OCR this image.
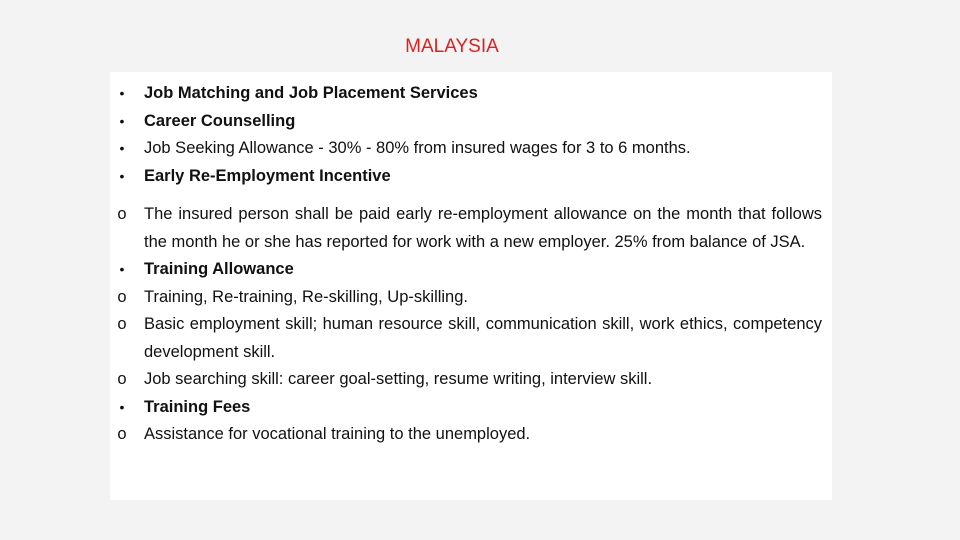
MALAYSIA
•	Job Matching and Job Placement Services
•	Career Counselling
•	Job Seeking Allowance - 30% - 80% from insured wages for 3 to 6 months.
•	Early Re-Employment Incentive
o The insured person shall be paid early re-employment allowance on the month that follows the month he or she has reported for work with a new employer. 25% from balance of JSA.
•	Training Allowance
o Training, Re-training, Re-skilling, Up-skilling.
o Basic employment skill; human resource skill, communication skill, work ethics, competency development skill.
o Job searching skill: career goal-setting, resume writing, interview skill.
•	Training Fees
o Assistance for vocational training to the unemployed.
